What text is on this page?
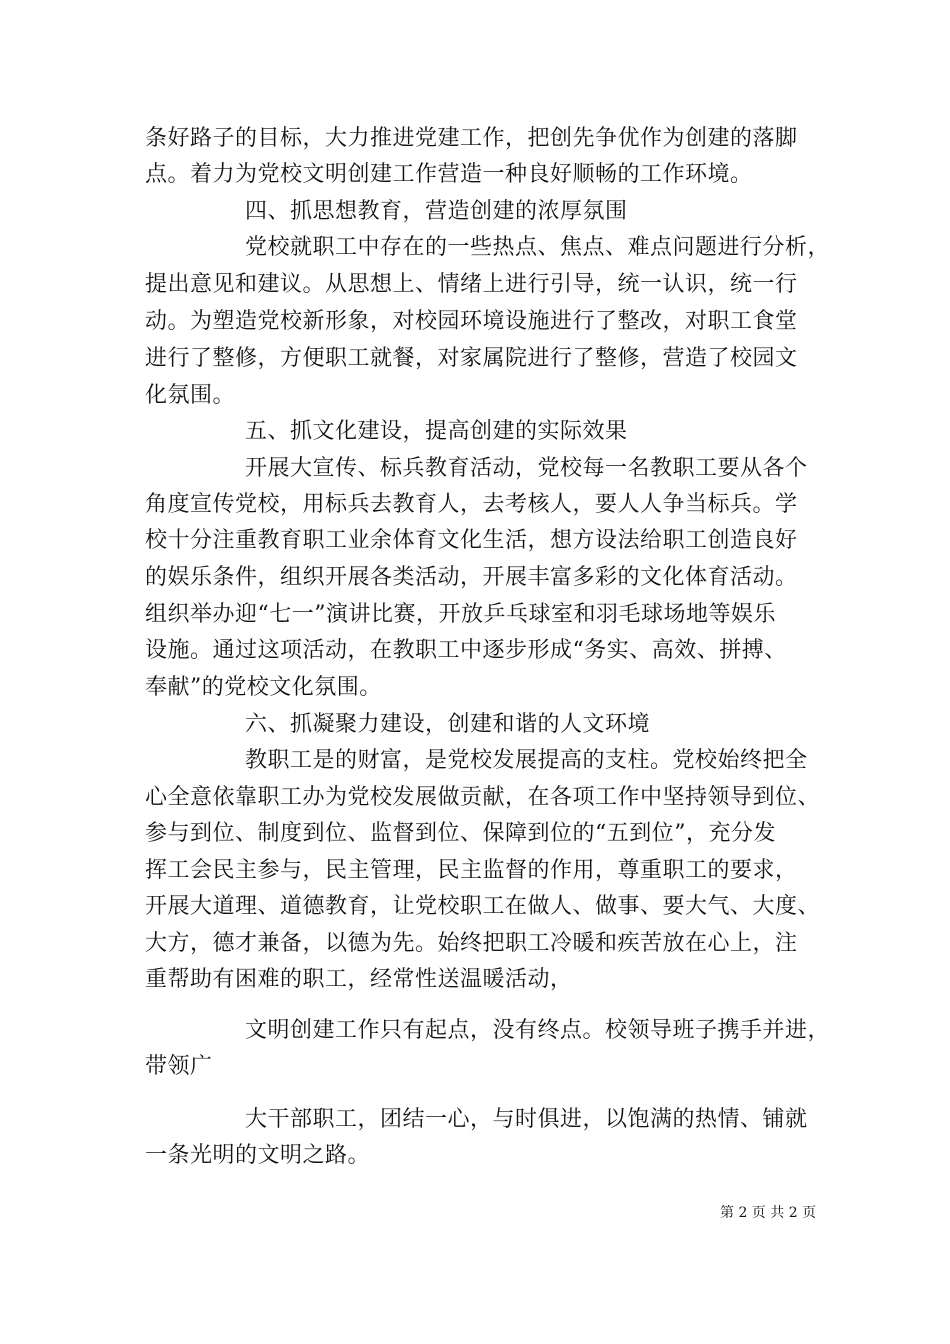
条好路子的目标，大力推进党建工作，把创先争优作为创建的落脚
点。着力为党校文明创建工作营造一种良好顺畅的工作环境。
四、抓思想教育，营造创建的浓厚氛围
党校就职工中存在的一些热点、焦点、难点问题进行分析，
提出意见和建议。从思想上、情绪上进行引导，统一认识，统一行
动。为塑造党校新形象，对校园环境设施进行了整改，对职工食堂
进行了整修，方便职工就餐，对家属院进行了整修，营造了校园文
化氛围。
五、抓文化建设，提高创建的实际效果
开展大宣传、标兵教育活动，党校每一名教职工要从各个
角度宣传党校，用标兵去教育人，去考核人，要人人争当标兵。学
校十分注重教育职工业余体育文化生活，想方设法给职工创造良好
的娱乐条件，组织开展各类活动，开展丰富多彩的文化体育活动。
组织举办迎“七一”演讲比赛，开放乒乓球室和羽毛球场地等娱乐
设施。通过这项活动，在教职工中逐步形成“务实、高效、拼搏、
奉献”的党校文化氛围。
六、抓凝聚力建设，创建和谐的人文环境
教职工是的财富，是党校发展提高的支柱。党校始终把全
心全意依靠职工办为党校发展做贡献，在各项工作中坚持领导到位、
参与到位、制度到位、监督到位、保障到位的“五到位”，充分发
挥工会民主参与，民主管理，民主监督的作用，尊重职工的要求，
开展大道理、道德教育，让党校职工在做人、做事、要大气、大度、
大方，德才兼备，以德为先。始终把职工冷暖和疾苦放在心上，注
重帮助有困难的职工，经常性送温暖活动，
文明创建工作只有起点，没有终点。校领导班子携手并进，
带领广
大干部职工，团结一心，与时俱进，以饱满的热情、铺就
一条光明的文明之路。
第 2 页 共 2 页
